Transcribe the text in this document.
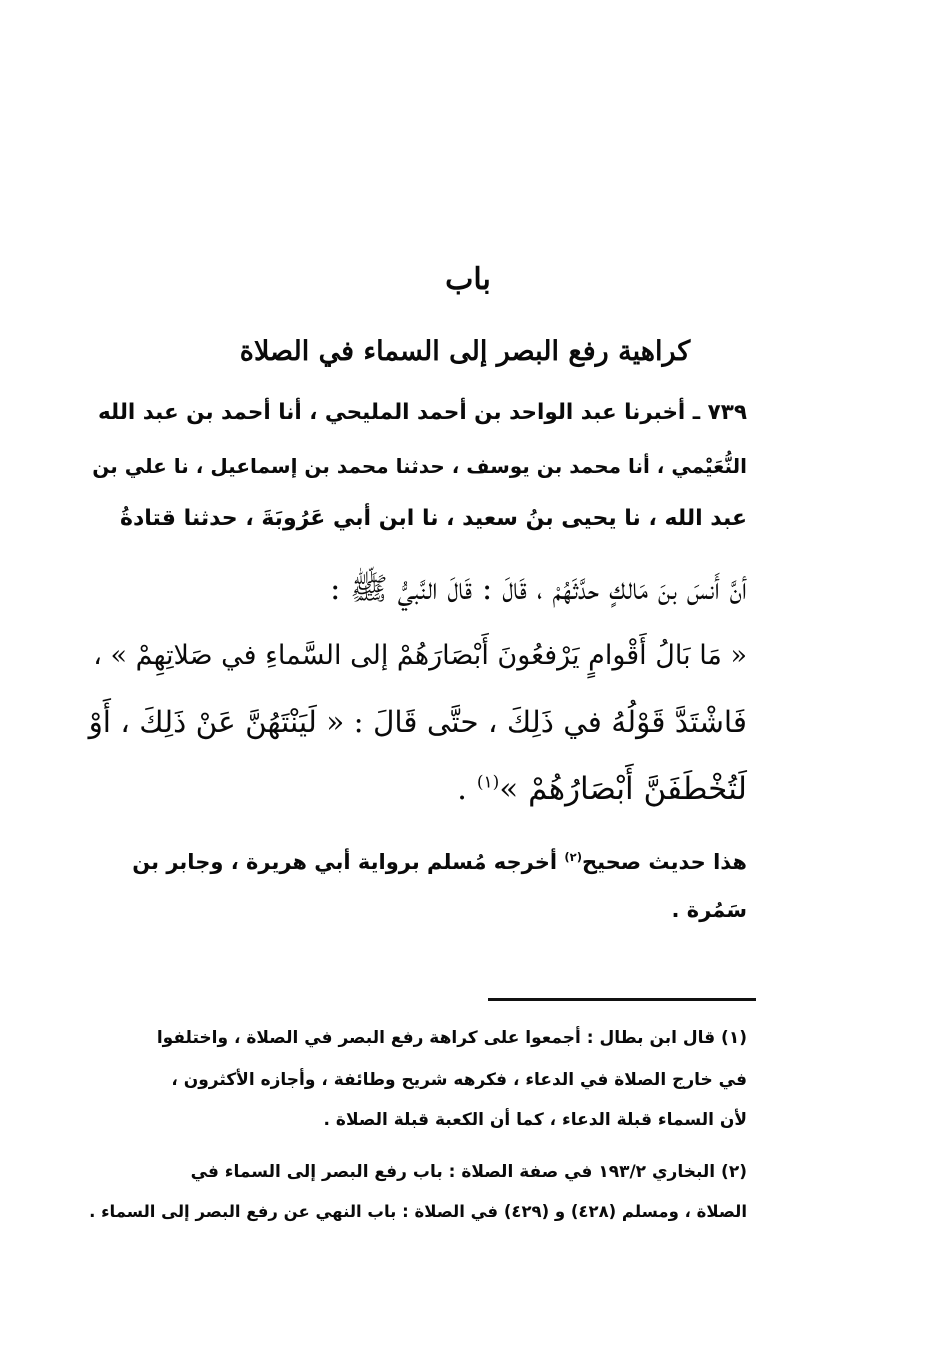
باب
كراهية رفع البصر إلى السماء في الصلاة
٧٣٩ ـ أخبرنا عبد الواحد بن أحمد المليحي ، أنا أحمد بن عبد الله
النُّعَيْمي ، أنا محمد بن يوسف ، حدثنا محمد بن إسماعيل ، نا علي بن
عبد الله ، نا يحيى بنُ سعيد ، نا ابن أبي عَرُوبَةَ ، حدثنا قتادةُ
أنَّ أَنسَ بنَ مَالكٍ حدَّثَهُمْ ، قَالَ : قَالَ النَّبيُّ ﷺ :
« مَا بَالُ أَقْوامٍ يَرْفعُونَ أَبْصَارَهُمْ إلى السَّماءِ في صَلاتِهِمْ » ،
فَاشْتَدَّ قَوْلُهُ في ذَلِكَ ، حتَّى قَالَ : « لَيَنْتَهُنَّ عَنْ ذَلِكَ ، أَوْ
لَتُخْطَفَنَّ أَبْصَارُهُمْ »$^{(١)}$ .
هذا حديث صحيح$^{(٢)}$ أخرجه مُسلم برواية أبي هريرة ، وجابر بن
سَمُرة .
(١) قال ابن بطال : أجمعوا على كراهة رفع البصر في الصلاة ، واختلفوا
في خارج الصلاة في الدعاء ، فكرهه شريح وطائفة ، وأجازه الأكثرون ،
لأن السماء قبلة الدعاء ، كما أن الكعبة قبلة الصلاة .
(٢) البخاري ١٩٣/٢ في صفة الصلاة : باب رفع البصر إلى السماء في
الصلاة ، ومسلم (٤٢٨) و (٤٢٩) في الصلاة : باب النهي عن رفع البصر إلى السماء .
